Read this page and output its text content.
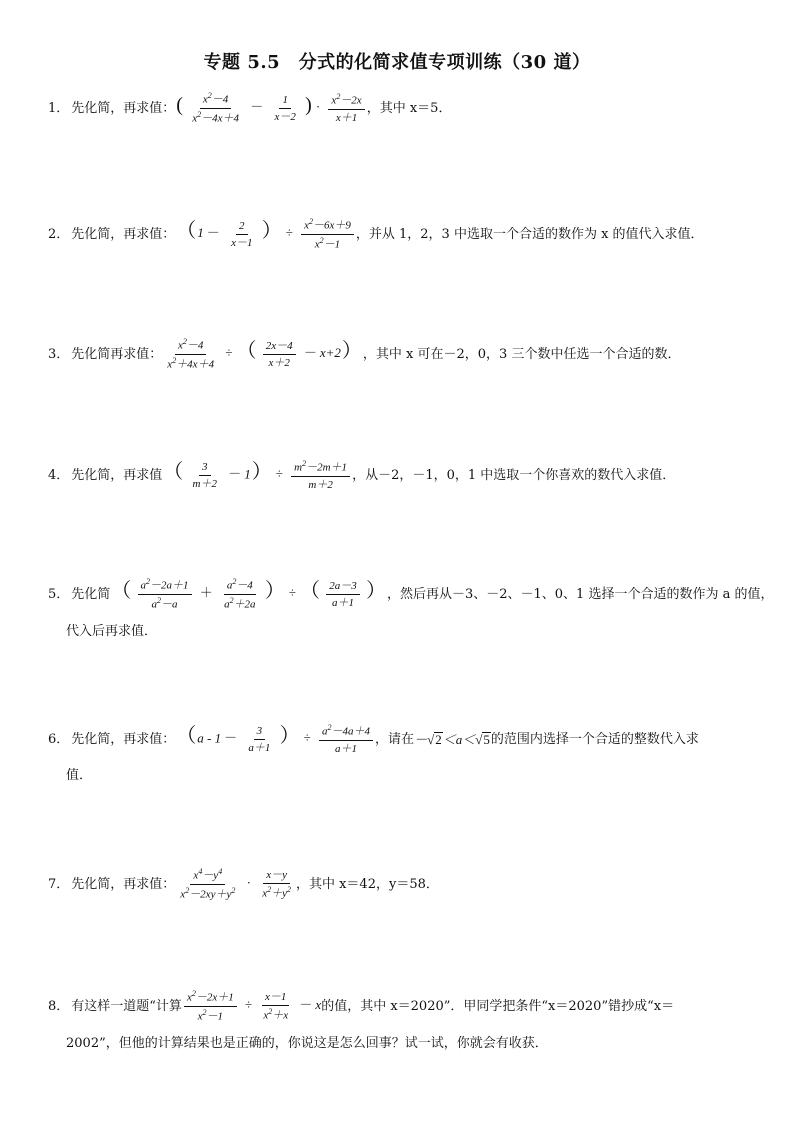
专题 5.5　分式的化简求值专项训练（30 道）
1． 先化简，再求值： ( $\frac{x^2-4}{x^2-4x+4} - \frac{1}{x-2}$ ) · $\frac{x^2-2x}{x+1}$ ，其中 x＝5．
2． 先化简，再求值： （$1 - \frac{2}{x-1}$ ） ÷ $\frac{x^2-6x+9}{x^2-1}$ ，并从 1，2，3 中选取一个合适的数作为 x 的值代入求值．
3． 先化简再求值： $\frac{x^2-4}{x^2+4x+4}$ ÷ （ $\frac{2x-4}{x+2} - x+2$） ，其中 x 可在－2，0，3 三个数中任选一个合适的数．
4． 先化简，再求值 （ $\frac{3}{m+2} - 1) \div \frac{m^2-2m+1}{m+2}$ ，从－2，－1，0，1 中选取一个你喜欢的数代入求值．
5． 先化简 （ $\frac{a^2-2a+1}{a^2-a} + \frac{a^2-4}{a^2+2a}$ ） ÷ （ $\frac{2a-3}{a+1}$ ） ，然后再从－3、－2、－1、0、1 选择一个合适的数作为 a 的值，
代入后再求值．
6． 先化简，再求值： （$a - 1 - \frac{3}{a+1}$ ） ÷ $\frac{a^2-4a+4}{a+1}$ ，请在 －√ 2 ＜a＜√ 5 的范围内选择一个合适的整数代入求
值．
7． 先化简，再求值： $\frac{x^4-y^4}{x^2-2xy+y^2} \cdot \frac{x-y}{x^2+y^2}$ ，其中 x＝42，y＝58．
8． 有这样一道题“计算 $\frac{x^2-2x+1}{x^2-1} \div \frac{x-1}{x^2+x} - x$ 的值，其中 x＝2020”．甲同学把条件“x＝2020”错抄成“x＝
2002”，但他的计算结果也是正确的，你说这是怎么回事？试一试，你就会有收获．
